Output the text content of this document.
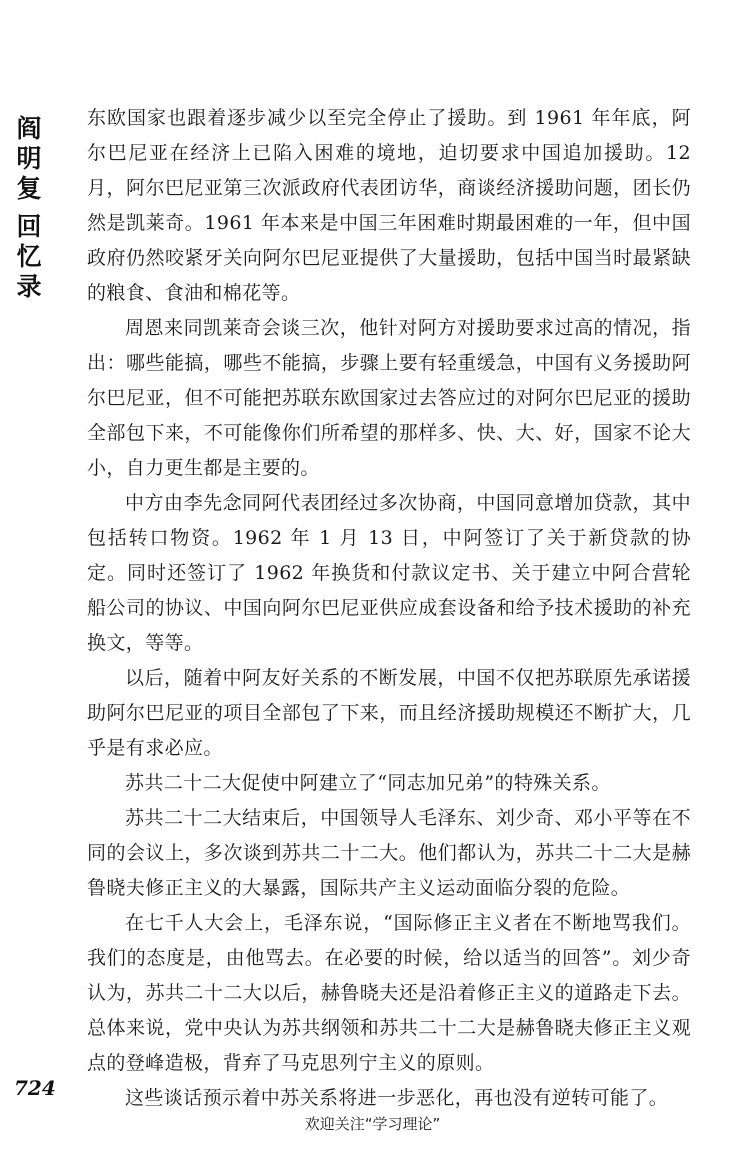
阎
明
复
回
忆
录

东欧国家也跟着逐步减少以至完全停止了援助。到 1961 年年底，阿尔巴尼亚在经济上已陷入困难的境地，迫切要求中国追加援助。12 月，阿尔巴尼亚第三次派政府代表团访华，商谈经济援助问题，团长仍然是凯莱奇。1961 年本来是中国三年困难时期最困难的一年，但中国政府仍然咬紧牙关向阿尔巴尼亚提供了大量援助，包括中国当时最紧缺的粮食、食油和棉花等。

周恩来同凯莱奇会谈三次，他针对阿方对援助要求过高的情况，指出：哪些能搞，哪些不能搞，步骤上要有轻重缓急，中国有义务援助阿尔巴尼亚，但不可能把苏联东欧国家过去答应过的对阿尔巴尼亚的援助全部包下来，不可能像你们所希望的那样多、快、大、好，国家不论大小，自力更生都是主要的。

中方由李先念同阿代表团经过多次协商，中国同意增加贷款，其中包括转口物资。1962 年 1 月 13 日，中阿签订了关于新贷款的协定。同时还签订了 1962 年换货和付款议定书、关于建立中阿合营轮船公司的协议、中国向阿尔巴尼亚供应成套设备和给予技术援助的补充换文，等等。

以后，随着中阿友好关系的不断发展，中国不仅把苏联原先承诺援助阿尔巴尼亚的项目全部包了下来，而且经济援助规模还不断扩大，几乎是有求必应。

苏共二十二大促使中阿建立了“同志加兄弟”的特殊关系。

苏共二十二大结束后，中国领导人毛泽东、刘少奇、邓小平等在不同的会议上，多次谈到苏共二十二大。他们都认为，苏共二十二大是赫鲁晓夫修正主义的大暴露，国际共产主义运动面临分裂的危险。

在七千人大会上，毛泽东说，“国际修正主义者在不断地骂我们。我们的态度是，由他骂去。在必要的时候，给以适当的回答”。刘少奇认为，苏共二十二大以后，赫鲁晓夫还是沿着修正主义的道路走下去。总体来说，党中央认为苏共纲领和苏共二十二大是赫鲁晓夫修正主义观点的登峰造极，背弃了马克思列宁主义的原则。

这些谈话预示着中苏关系将进一步恶化，再也没有逆转可能了。

724
欢迎关注“学习理论”
